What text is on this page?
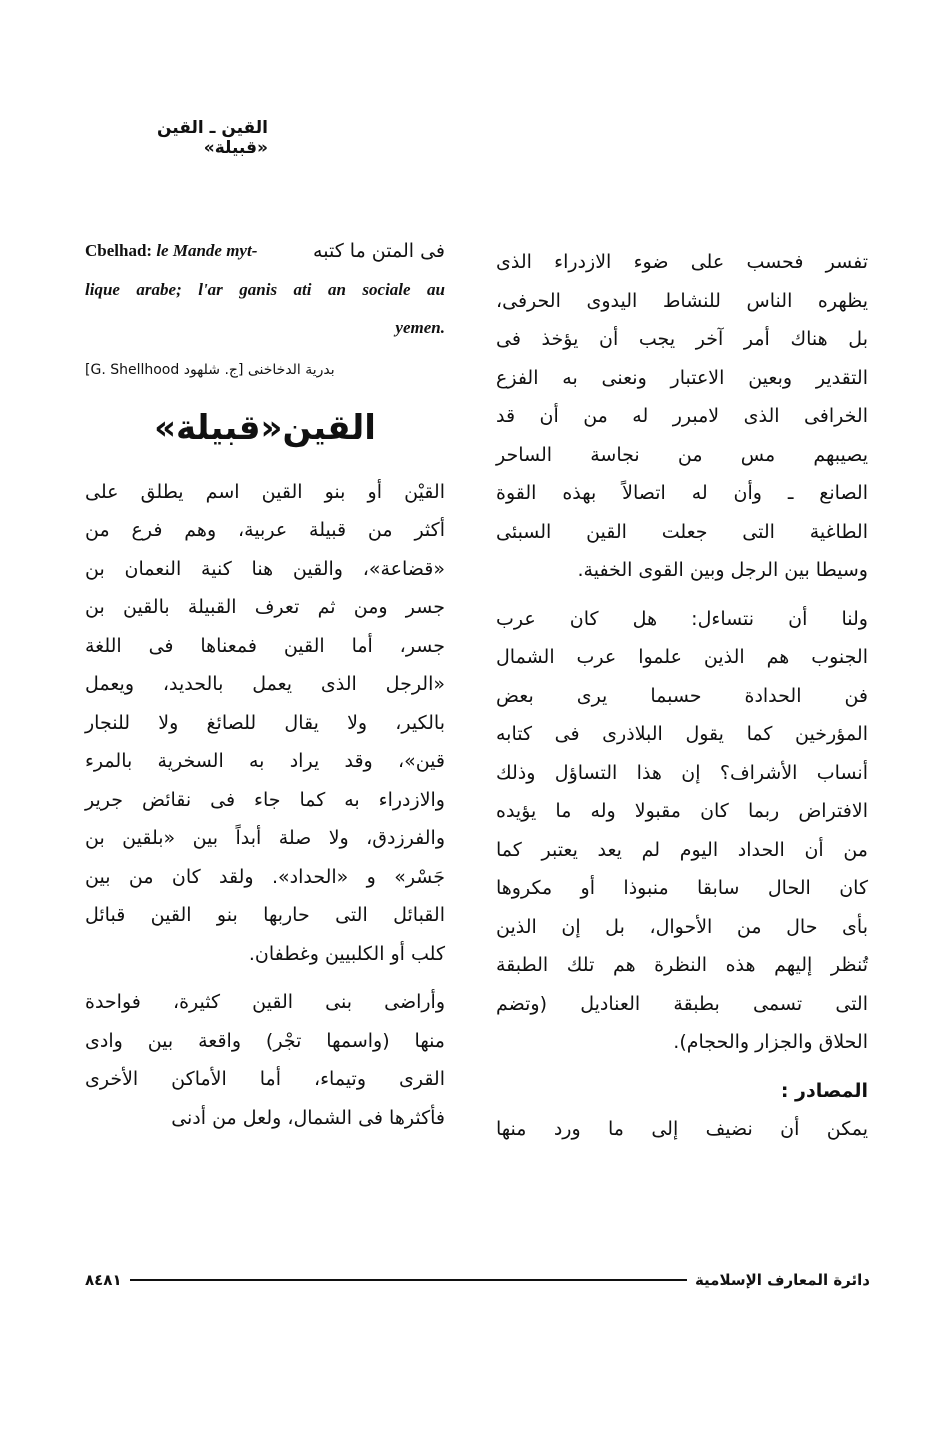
القين ـ القين «قبيلة»
تفسر فحسب على ضوء الازدراء الذى
يظهره الناس للنشاط اليدوى الحرفى،
بل هناك أمر آخر يجب أن يؤخذ فى
التقدير وبعين الاعتبار ونعنى به الفزع
الخرافى الذى لامبرر له من أن قد
يصيبهم مس من نجاسة الساحر
الصانع ـ وأن له اتصالاً بهذه القوة
الطاغية التى جعلت القين السبئى
وسيطا بين الرجل وبين القوى الخفية.
ولنا أن نتساءل: هل كان عرب
الجنوب هم الذين علموا عرب الشمال
فن الحدادة حسبما يرى بعض
المؤرخين كما يقول البلاذرى فى كتابه
أنساب الأشراف؟ إن هذا التساؤل وذلك
الافتراض ربما كان مقبولا وله ما يؤيده
من أن الحداد اليوم لم يعد يعتبر كما
كان الحال سابقا منبوذا أو مكروها
بأى حال من الأحوال، بل إن الذين
تُنظر إليهم هذه النظرة هم تلك الطبقة
التى تسمى بطبقة العناديل (وتضم
الحلاق والجزار والحجام).
المصادر :
يمكن أن نضيف إلى ما ورد منها
Cbelhad: le Mande myt-	فى المتن ما كتبه
lique arabe; l'ar ganis ati an sociale au
yemen.
بدرية الدخاخنى [ج. شلهود G. Shellhood]
القين«قبيلة»
القيْن أو بنو القين اسم يطلق على
أكثر من قبيلة عربية، وهم فرع من
«قضاعة»، والقين هنا كنية النعمان بن
جسر ومن ثم تعرف القبيلة بالقين بن
جسر، أما القين فمعناها فى اللغة
«الرجل الذى يعمل بالحديد، ويعمل
بالكير، ولا يقال للصائغ ولا للنجار
قين»، وقد يراد به السخرية بالمرء
والازدراء به كما جاء فى نقائض جرير
والفرزدق، ولا صلة أبداً بين «بلقين بن
جَسْر» و «الحداد». ولقد كان من بين
القبائل التى حاربها بنو القين قبائل
كلب أو الكلبيين وغطفان.
وأراضى بنى القين كثيرة، فواحدة
منها (واسمها تجْر) واقعة بين وادى
القرى وتيماء، أما الأماكن الأخرى
فأكثرها فى الشمال، ولعل من أدنى
٨٤٨١	دائرة المعارف الإسلامية
